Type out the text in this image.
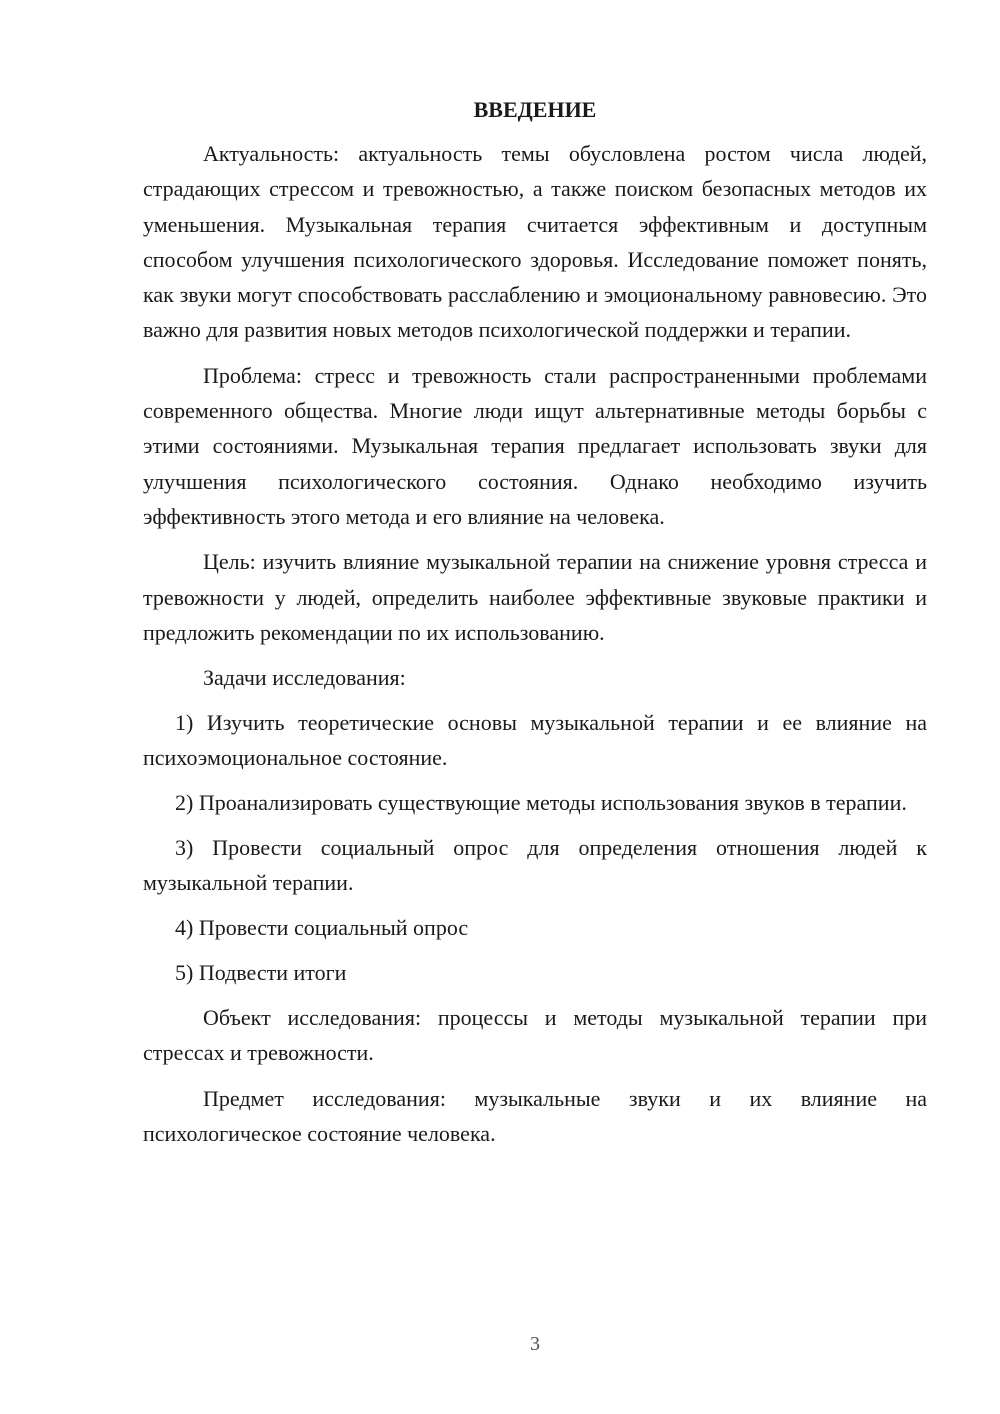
ВВЕДЕНИЕ

Актуальность: актуальность темы обусловлена ростом числа людей, страдающих стрессом и тревожностью, а также поиском безопасных методов их уменьшения. Музыкальная терапия считается эффективным и доступным способом улучшения психологического здоровья. Исследование поможет понять, как звуки могут способствовать расслаблению и эмоциональному равновесию. Это важно для развития новых методов психологической поддержки и терапии.

Проблема: стресс и тревожность стали распространенными проблемами современного общества. Многие люди ищут альтернативные методы борьбы с этими состояниями. Музыкальная терапия предлагает использовать звуки для улучшения психологического состояния. Однако необходимо изучить эффективность этого метода и его влияние на человека.

Цель: изучить влияние музыкальной терапии на снижение уровня стресса и тревожности у людей, определить наиболее эффективные звуковые практики и предложить рекомендации по их использованию.

Задачи исследования:

1) Изучить теоретические основы музыкальной терапии и ее влияние на психоэмоциональное состояние.

2) Проанализировать существующие методы использования звуков в терапии.

3) Провести социальный опрос для определения отношения людей к музыкальной терапии.

4) Провести социальный опрос

5) Подвести итоги

Объект исследования: процессы и методы музыкальной терапии при стрессах и тревожности.

Предмет исследования: музыкальные звуки и их влияние на психологическое состояние человека.

3
